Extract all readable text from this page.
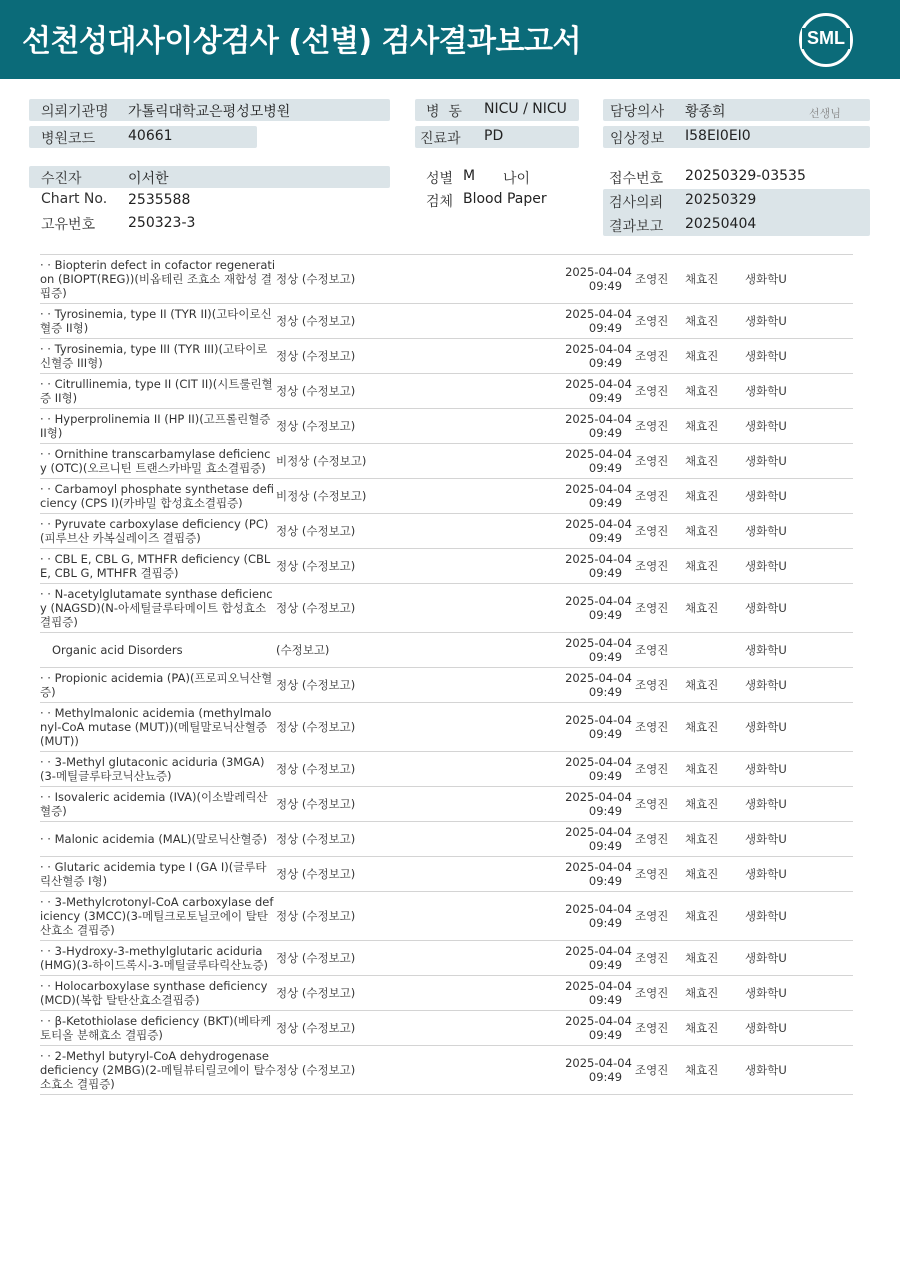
선천성대사이상검사 (선별) 검사결과보고서	SML
의뢰기관명 가톨릭대학교은평성모병원	병  동 NICU / NICU	담당의사 황종희	선생님
병원코드 40661	진료과 PD	임상정보 I58EI0EI0
수진자	이서한	성별 M 나이	접수번호 20250329-03535
Chart No. 2535588	검체 Blood Paper	검사의뢰 20250329
고유번호 250323-3	결과보고 20250404
· · Biopterin defect in cofactor regeneration (BIOPT(REG))(비옵테린 조효소 재합성 결핍증)	정상 (수정보고)	2025-04-04
09:49	조영진	채효진	생화학U
· · Tyrosinemia, type II (TYR II)(고타이로신혈증 II형)	정상 (수정보고)	2025-04-04
09:49	조영진	채효진	생화학U
· · Tyrosinemia, type III (TYR III)(고타이로신혈증 III형)	정상 (수정보고)	2025-04-04
09:49	조영진	채효진	생화학U
· · Citrullinemia, type II (CIT II)(시트룰린혈증 II형)	정상 (수정보고)	2025-04-04
09:49	조영진	채효진	생화학U
· · Hyperprolinemia II (HP II)(고프롤린혈증 II형)	정상 (수정보고)	2025-04-04
09:49	조영진	채효진	생화학U
· · Ornithine transcarbamylase deficiency (OTC)(오르니틴 트랜스카바밀 효소결핍증)	비정상 (수정보고)	2025-04-04
09:49	조영진	채효진	생화학U
· · Carbamoyl phosphate synthetase deficiency (CPS I)(카바밀 합성효소결핍증)	비정상 (수정보고)	2025-04-04
09:49	조영진	채효진	생화학U
· · Pyruvate carboxylase deficiency (PC)(피루브산 카복실레이즈 결핍증)	정상 (수정보고)	2025-04-04
09:49	조영진	채효진	생화학U
· · CBL E, CBL G, MTHFR deficiency (CBL E, CBL G, MTHFR 결핍증)	정상 (수정보고)	2025-04-04
09:49	조영진	채효진	생화학U
· · N-acetylglutamate synthase deficiency (NAGSD)(N-아세틸글루타메이트 합성효소 결핍증)	정상 (수정보고)	2025-04-04
09:49	조영진	채효진	생화학U
Organic acid Disorders	(수정보고)	2025-04-04
09:49	조영진		생화학U
· · Propionic acidemia (PA)(프로피오닉산혈증)	정상 (수정보고)	2025-04-04
09:49	조영진	채효진	생화학U
· · Methylmalonic acidemia (methylmalonyl-CoA mutase (MUT))(메틸말로닉산혈증 (MUT))	정상 (수정보고)	2025-04-04
09:49	조영진	채효진	생화학U
· · 3-Methyl glutaconic aciduria (3MGA)(3-메틸글루타코닉산뇨증)	정상 (수정보고)	2025-04-04
09:49	조영진	채효진	생화학U
· · Isovaleric acidemia (IVA)(이소발레릭산혈증)	정상 (수정보고)	2025-04-04
09:49	조영진	채효진	생화학U
· · Malonic acidemia (MAL)(말로닉산혈증)	정상 (수정보고)	2025-04-04
09:49	조영진	채효진	생화학U
· · Glutaric acidemia type I (GA I)(글루타릭산혈증 I형)	정상 (수정보고)	2025-04-04
09:49	조영진	채효진	생화학U
· · 3-Methylcrotonyl-CoA carboxylase deficiency (3MCC)(3-메틸크로토닐코에이 탈탄산효소 결핍증)	정상 (수정보고)	2025-04-04
09:49	조영진	채효진	생화학U
· · 3-Hydroxy-3-methylglutaric aciduria (HMG)(3-하이드록시-3-메틸글루타릭산뇨증)	정상 (수정보고)	2025-04-04
09:49	조영진	채효진	생화학U
· · Holocarboxylase synthase deficiency (MCD)(복합 탈탄산효소결핍증)	정상 (수정보고)	2025-04-04
09:49	조영진	채효진	생화학U
· · β-Ketothiolase deficiency (BKT)(베타케토티올 분해효소 결핍증)	정상 (수정보고)	2025-04-04
09:49	조영진	채효진	생화학U
· · 2-Methyl butyryl-CoA dehydrogenase deficiency (2MBG)(2-메틸뷰티릴코에이 탈수소효소 결핍증)	정상 (수정보고)	2025-04-04
09:49	조영진	채효진	생화학U
